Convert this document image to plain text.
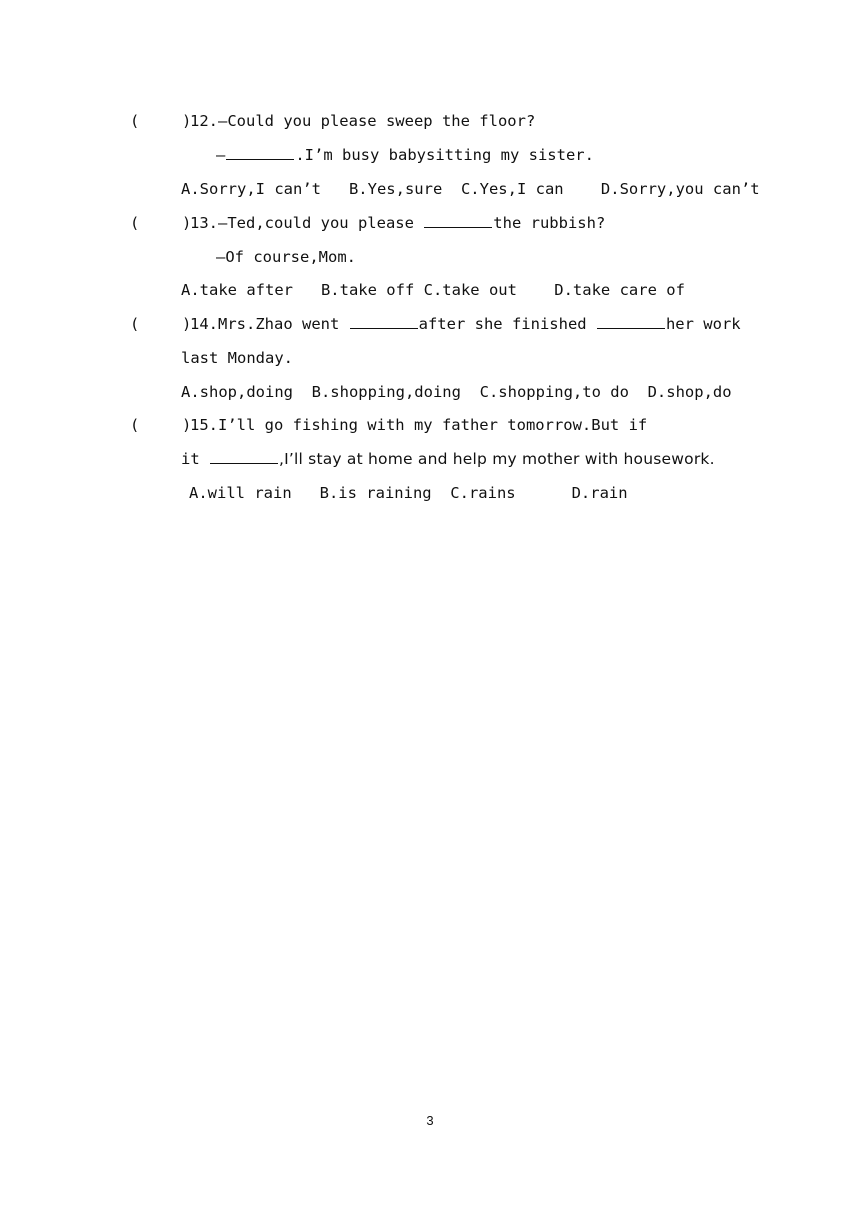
(

	)

12.—Could you please sweep the floor?

—	.I’m busy babysitting my sister.

A.Sorry,I can’t   B.Yes,sure  C.Yes,I can    D.Sorry,you can’t

(

	)

13.—Ted,could you please	the rubbish?

—Of course,Mom.

A.take after   B.take off C.take out    D.take care of

(

	)

14.Mrs.Zhao went	after she finished	her work

last Monday.

A.shop,doing  B.shopping,doing  C.shopping,to do  D.shop,do

(

	)

15.I’ll go fishing with my father tomorrow.But if

it	,I’ll stay at home and help my mother with housework.

A.will rain   B.is raining  C.rains      D.rain

3
